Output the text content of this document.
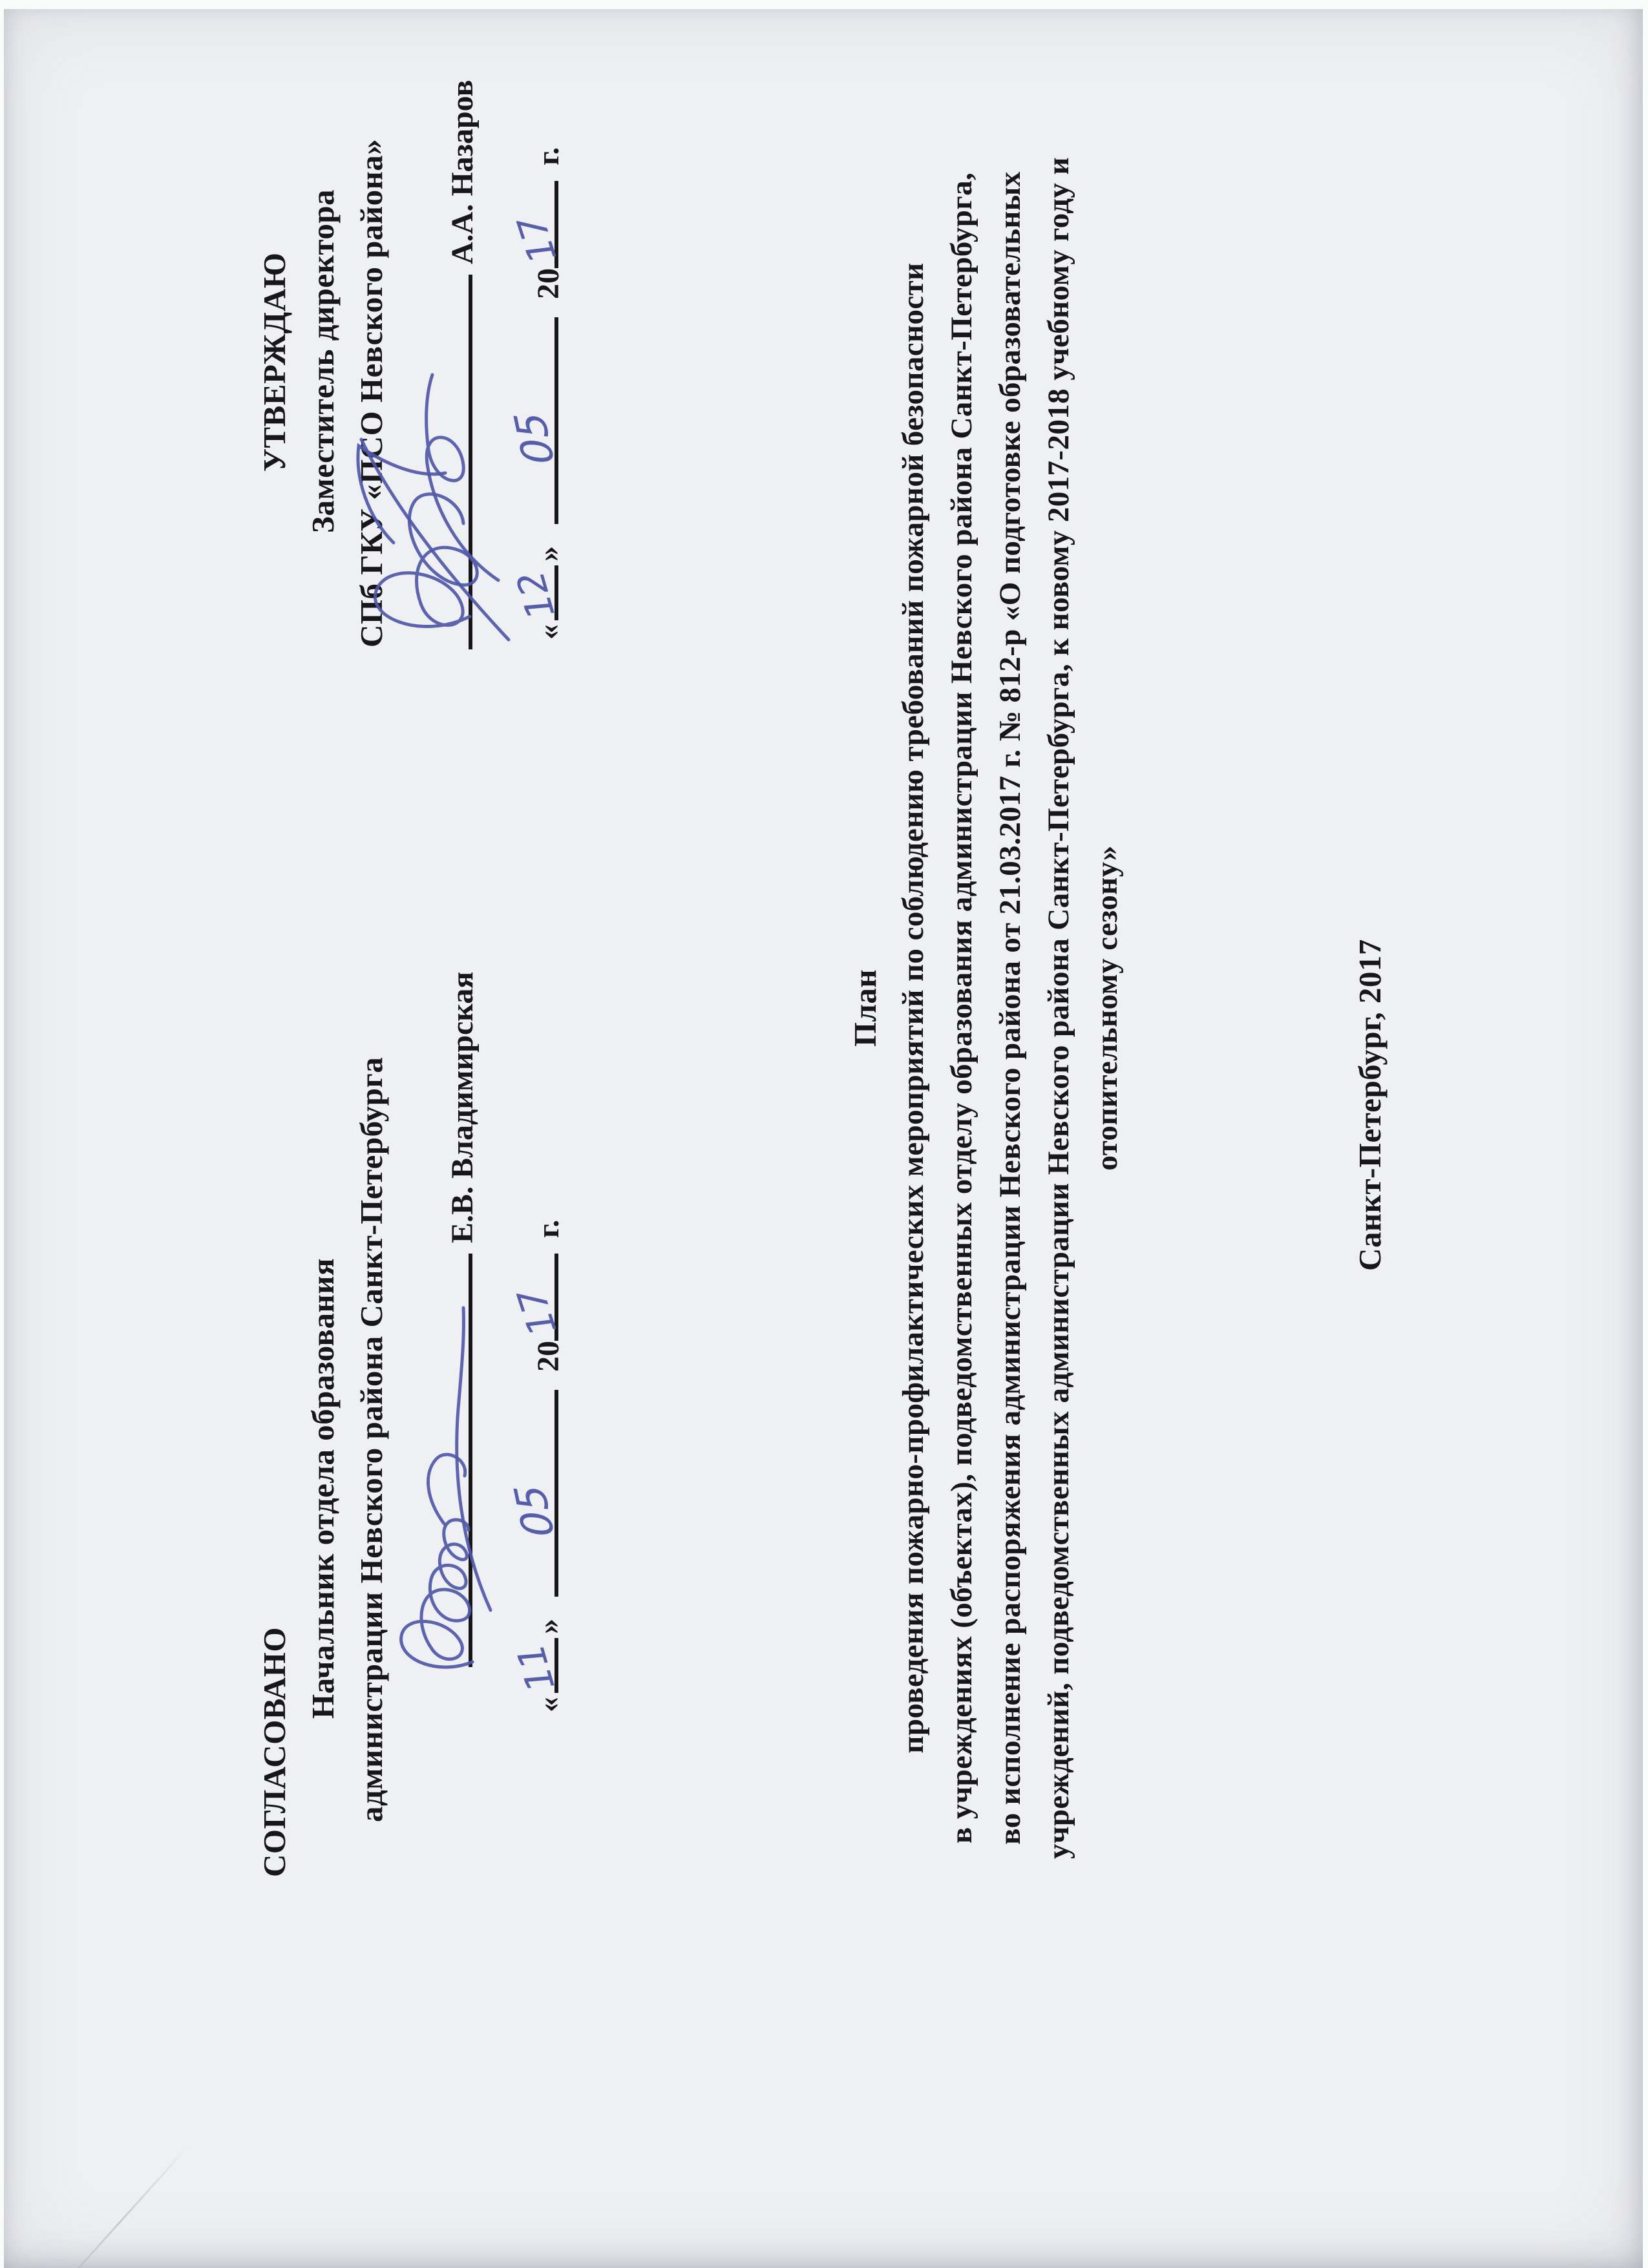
СОГЛАСОВАНО
Начальник отдела образования администрации Невского района Санкт-Петербурга Е.В. Владимирская
«
11
»
05
20
17
г.
УТВЕРЖДАЮ Заместитель директора СПб ГКУ «ПСО Невского района» А.А. Назаров
«
12
»
05
20
17
г.
План проведения пожарно-профилактических мероприятий по соблюдению требований пожарной безопасности в учреждениях (объектах), подведомственных отделу образования администрации Невского района Санкт-Петербурга, во исполнение распоряжения администрации Невского района от 21.03.2017 г. № 812-р «О подготовке образовательных учреждений, подведомственных администрации Невского района Санкт-Петербурга, к новому 2017-2018 учебному году и отопительному сезону»	Санкт-Петербург, 2017
